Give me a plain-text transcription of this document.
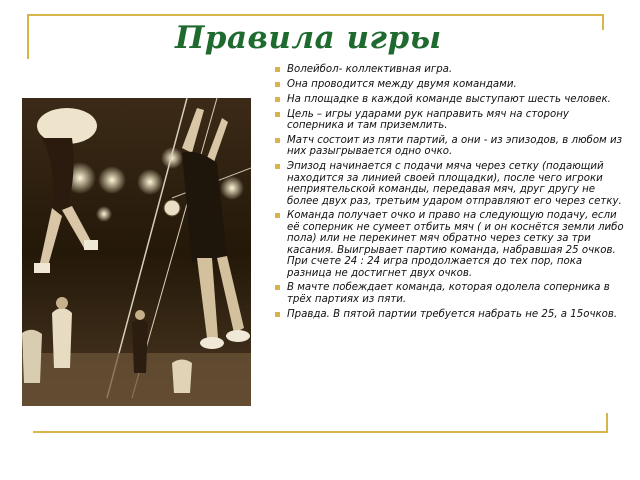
Правила игры
Волейбол- коллективная игра.
Она проводится между двумя командами.
На площадке в каждой команде выступают шесть человек.
Цель – игры ударами рук направить мяч на сторону соперника и там приземлить.
Матч состоит из пяти партий, а они - из эпизодов, в любом из них разыгрывается одно очко.
Эпизод начинается с подачи мяча через сетку (подающий находится за линией своей площадки), после чего игроки неприятельской команды, передавая мяч, друг другу не более двух раз, третьим ударом отправляют его через сетку.
Команда получает очко и право на следующую подачу, если её соперник не сумеет отбить мяч ( и он коснётся земли либо пола) или не перекинет мяч обратно через сетку за три касания. Выигрывает партию команда, набравшая 25 очков. При счете 24 : 24 игра продолжается до тех пор, пока разница не достигнет двух очков.
В мачте побеждает команда, которая одолела соперника в трёх партиях из пяти.
Правда. В пятой партии требуется набрать не 25, а 15очков.
